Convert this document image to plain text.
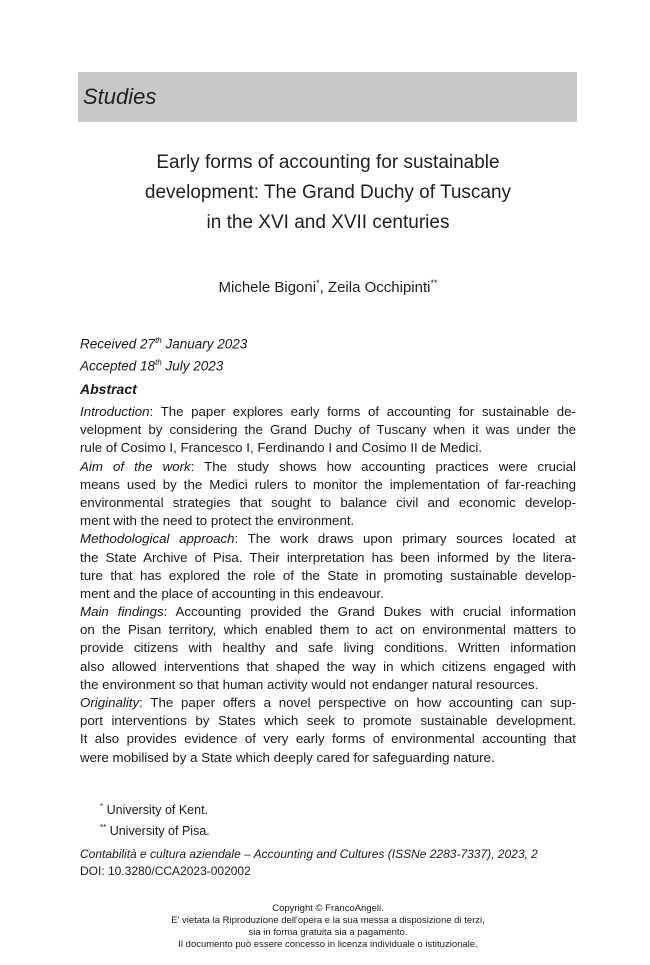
Studies
Early forms of accounting for sustainable
development: The Grand Duchy of Tuscany
in the XVI and XVII centuries
Michele Bigoni*, Zeila Occhipinti**
Received 27th January 2023
Accepted 18th July 2023
Abstract
Introduction: The paper explores early forms of accounting for sustainable de-
velopment by considering the Grand Duchy of Tuscany when it was under the
rule of Cosimo I, Francesco I, Ferdinando I and Cosimo II de Medici.
Aim of the work: The study shows how accounting practices were crucial
means used by the Medici rulers to monitor the implementation of far-reaching
environmental strategies that sought to balance civil and economic develop-
ment with the need to protect the environment.
Methodological approach: The work draws upon primary sources located at
the State Archive of Pisa. Their interpretation has been informed by the litera-
ture that has explored the role of the State in promoting sustainable develop-
ment and the place of accounting in this endeavour.
Main findings: Accounting provided the Grand Dukes with crucial information
on the Pisan territory, which enabled them to act on environmental matters to
provide citizens with healthy and safe living conditions. Written information
also allowed interventions that shaped the way in which citizens engaged with
the environment so that human activity would not endanger natural resources.
Originality: The paper offers a novel perspective on how accounting can sup-
port interventions by States which seek to promote sustainable development.
It also provides evidence of very early forms of environmental accounting that
were mobilised by a State which deeply cared for safeguarding nature.
* University of Kent.
** University of Pisa.
Contabilità e cultura aziendale – Accounting and Cultures (ISSNe 2283-7337), 2023, 2
DOI: 10.3280/CCA2023-002002
Copyright © FrancoAngeli.
E' vietata la Riproduzione dell'opera e la sua messa a disposizione di terzi,
sia in forma gratuita sia a pagamento.
Il documento può essere concesso in licenza individuale o istituzionale.
